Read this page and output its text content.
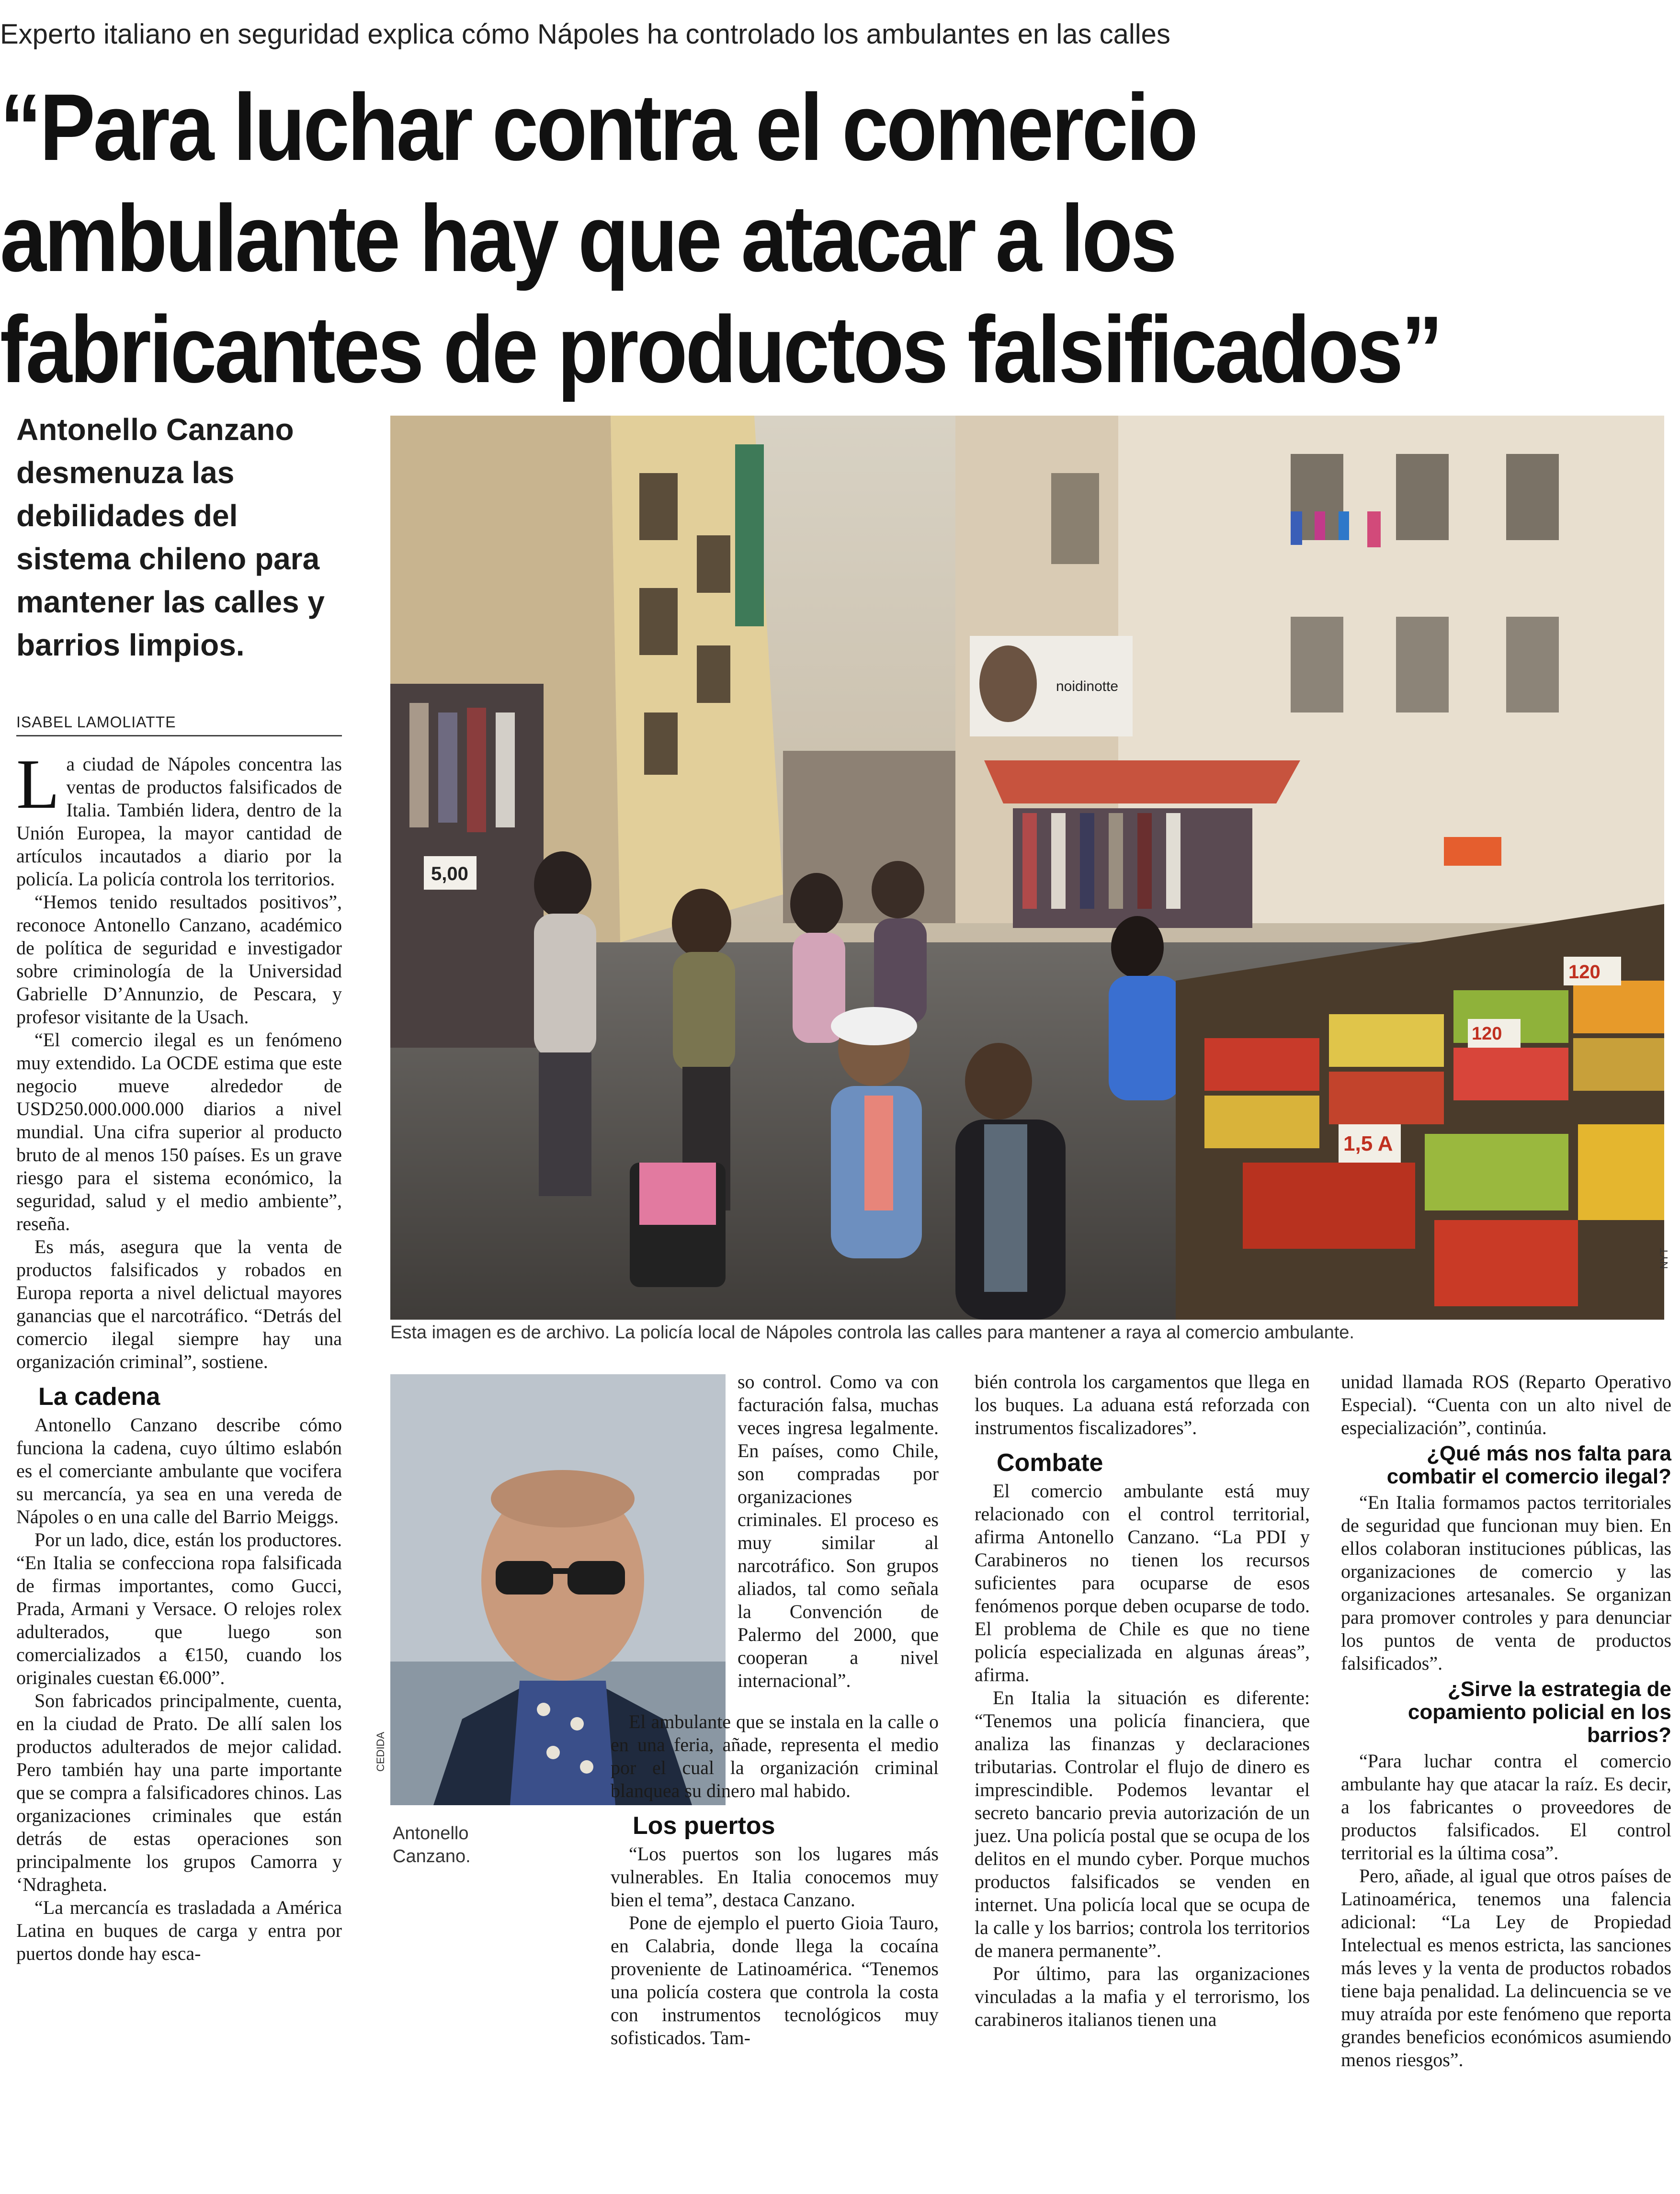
Experto italiano en seguridad explica cómo Nápoles ha controlado los ambulantes en las calles
“Para luchar contra el comercio
ambulante hay que atacar a los
fabricantes de productos falsificados”
Antonello Canzano
desmenuza las
debilidades del
sistema chileno para
mantener las calles y
barrios limpios.
ISABEL LAMOLIATTE
noidinotte
5,00
120
1,5 A
120
Esta imagen es de archivo. La policía local de Nápoles controla las calles para mantener a raya al comercio ambulante.
NYT
CEDIDA
Antonello Canzano.
L a ciudad de Nápoles concentra las ventas de productos falsificados de Italia. También lidera, dentro de la Unión Europea, la mayor cantidad de artículos incautados a diario por la policía. La policía controla los territorios.

“Hemos tenido resultados positivos”, reconoce Antonello Canzano, académico de política de seguridad e investigador sobre criminología de la Universidad Gabrielle D’Annunzio, de Pescara, y profesor visitante de la Usach.

“El comercio ilegal es un fenómeno muy extendido. La OCDE estima que este negocio mueve alrededor de USD250.000.000.000 diarios a nivel mundial. Una cifra superior al producto bruto de al menos 150 países. Es un grave riesgo para el sistema económico, la seguridad, salud y el medio ambiente”, reseña.

Es más, asegura que la venta de productos falsificados y robados en Europa reporta a nivel delictual mayores ganancias que el narcotráfico. “Detrás del comercio ilegal siempre hay una organización criminal”, sostiene.

La cadena

Antonello Canzano describe cómo funciona la cadena, cuyo último eslabón es el comerciante ambulante que vocifera su mercancía, ya sea en una vereda de Nápoles o en una calle del Barrio Meiggs.

Por un lado, dice, están los productores. “En Italia se confecciona ropa falsificada de firmas importantes, como Gucci, Prada, Armani y Versace. O relojes rolex adulterados, que luego son comercializados a €150, cuando los originales cuestan €6.000”.

Son fabricados principalmente, cuenta, en la ciudad de Prato. De allí salen los productos adulterados de mejor calidad. Pero también hay una parte importante que se compra a falsificadores chinos. Las organizaciones criminales que están detrás de estas operaciones son principalmente los grupos Camorra y ‘Ndragheta.

“La mercancía es trasladada a América Latina en buques de carga y entra por puertos donde hay esca-

so control. Como va con facturación falsa, muchas veces ingresa legalmente. En países, como Chile, son compradas por organizaciones criminales. El proceso es muy similar al narcotráfico. Son grupos aliados, tal como señala la Convención de Palermo del 2000, que cooperan a nivel internacional”.

El ambulante que se instala en la calle o en una feria, añade, representa el medio por el cual la organización criminal blanquea su dinero mal habido.

Los puertos

“Los puertos son los lugares más vulnerables. En Italia conocemos muy bien el tema”, destaca Canzano.

Pone de ejemplo el puerto Gioia Tauro, en Calabria, donde llega la cocaína proveniente de Latinoamérica. “Tenemos una policía costera que controla la costa con instrumentos tecnológicos muy sofisticados. Tam-

bién controla los cargamentos que llega en los buques. La aduana está reforzada con instrumentos fiscalizadores”.

Combate

El comercio ambulante está muy relacionado con el control territorial, afirma Antonello Canzano. “La PDI y Carabineros no tienen los recursos suficientes para ocuparse de esos fenómenos porque deben ocuparse de todo. El problema de Chile es que no tiene policía especializada en algunas áreas”, afirma.

En Italia la situación es diferente: “Tenemos una policía financiera, que analiza las finanzas y declaraciones tributarias. Controlar el flujo de dinero es imprescindible. Podemos levantar el secreto bancario previa autorización de un juez. Una policía postal que se ocupa de los delitos en el mundo cyber. Porque muchos productos falsificados se venden en internet. Una policía local que se ocupa de la calle y los barrios; controla los territorios de manera permanente”.

Por último, para las organizaciones vinculadas a la mafia y el terrorismo, los carabineros italianos tienen una

unidad llamada ROS (Reparto Operativo Especial). “Cuenta con un alto nivel de especialización”, continúa.

¿Qué más nos falta para combatir el comercio ilegal?

“En Italia formamos pactos territoriales de seguridad que funcionan muy bien. En ellos colaboran instituciones públicas, las organizaciones de comercio y las organizaciones artesanales. Se organizan para promover controles y para denunciar los puntos de venta de productos falsificados”.

¿Sirve la estrategia de copamiento policial en los barrios?

“Para luchar contra el comercio ambulante hay que atacar la raíz. Es decir, a los fabricantes o proveedores de productos falsificados. El control territorial es la última cosa”.

Pero, añade, al igual que otros países de Latinoamérica, tenemos una falencia adicional: “La Ley de Propiedad Intelectual es menos estricta, las sanciones más leves y la venta de productos robados tiene baja penalidad. La delincuencia se ve muy atraída por este fenómeno que reporta grandes beneficios económicos asumiendo menos riesgos”.
